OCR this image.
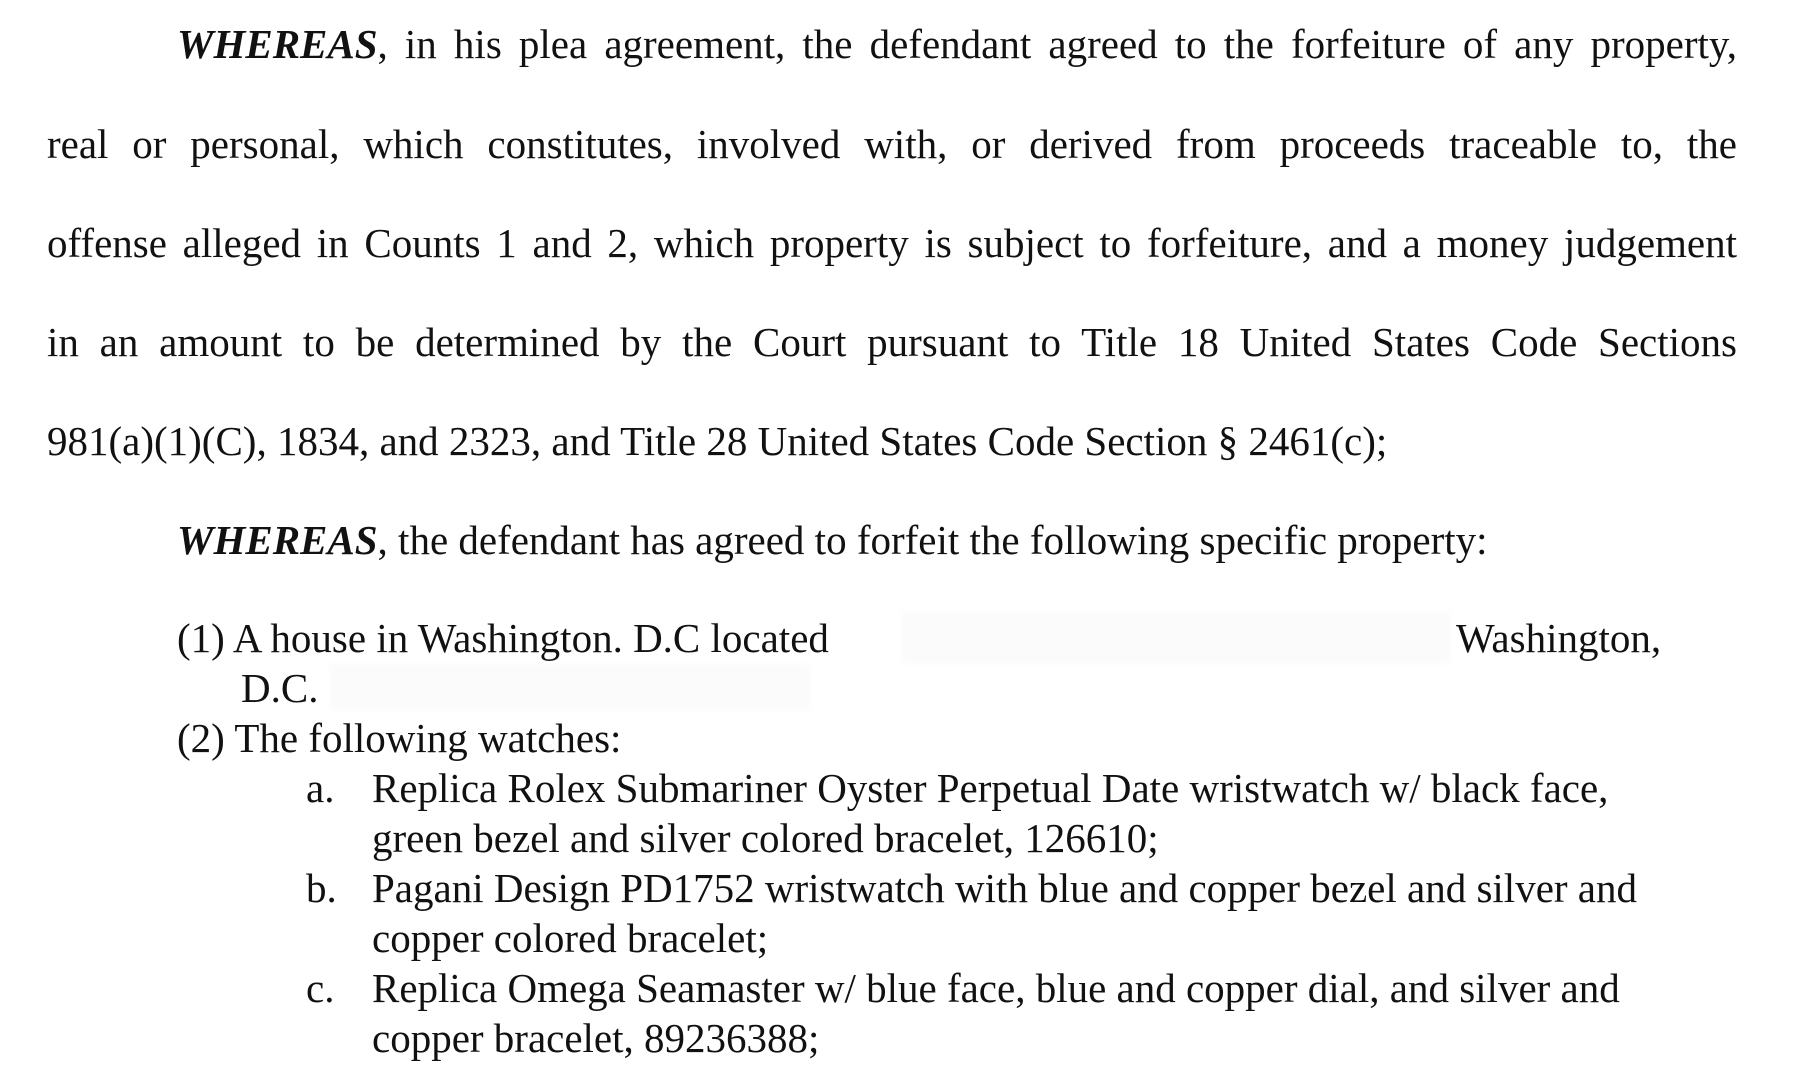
WHEREAS, in his plea agreement, the defendant agreed to the forfeiture of any property,
real or personal, which constitutes, involved with, or derived from proceeds traceable to, the
offense alleged in Counts 1 and 2, which property is subject to forfeiture, and a money judgement
in an amount to be determined by the Court pursuant to Title 18 United States Code Sections
981(a)(1)(C), 1834, and 2323, and Title 28 United States Code Section § 2461(c);
WHEREAS, the defendant has agreed to forfeit the following specific property:
(1) A house in Washington. D.C located	Washington,
D.C.
(2) The following watches:
a. Replica Rolex Submariner Oyster Perpetual Date wristwatch w/ black face,
green bezel and silver colored bracelet, 126610;
b. Pagani Design PD1752 wristwatch with blue and copper bezel and silver and
copper colored bracelet;
c. Replica Omega Seamaster w/ blue face, blue and copper dial, and silver and
copper bracelet, 89236388;
